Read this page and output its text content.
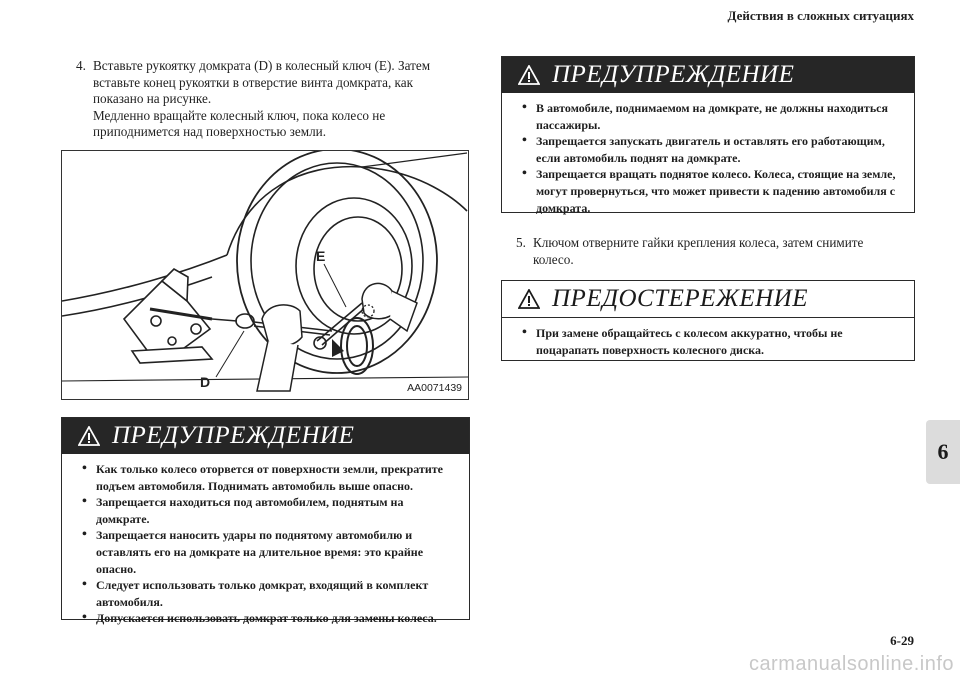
Действия в сложных ситуациях
4. Вставьте рукоятку домкрата (D) в колесный ключ (E). Затем

вставьте конец рукоятки в отверстие винта домкрата, как

показано на рисунке.

Медленно вращайте колесный ключ, пока колесо не

приподнимется над поверхностью земли.

E
D	AA0071439
ПРЕДУПРЕЖДЕНИЕ
• Как только колесо оторвется от поверхности земли, прекратите подъем автомобиля. Поднимать автомобиль выше опасно.
• Запрещается находиться под автомобилем, поднятым на домкрате.
• Запрещается наносить удары по поднятому автомобилю и оставлять его на домкрате на длительное время: это крайне опасно.
• Следует использовать только домкрат, входящий в комплект автомобиля.
• Допускается использовать домкрат только для замены колеса.
ПРЕДУПРЕЖДЕНИЕ
• В автомобиле, поднимаемом на домкрате, не должны находиться пассажиры.
• Запрещается запускать двигатель и оставлять его работающим, если автомобиль поднят на домкрате.
• Запрещается вращать поднятое колесо. Колеса, стоящие на земле, могут провернуться, что может привести к падению автомобиля с домкрата.
5. Ключом отверните гайки крепления колеса, затем снимите

колесо.

ПРЕДОСТЕРЕЖЕНИЕ
• При замене обращайтесь с колесом аккуратно, чтобы не поцарапать поверхность колесного диска.
6
6-29
carmanualsonline.info
